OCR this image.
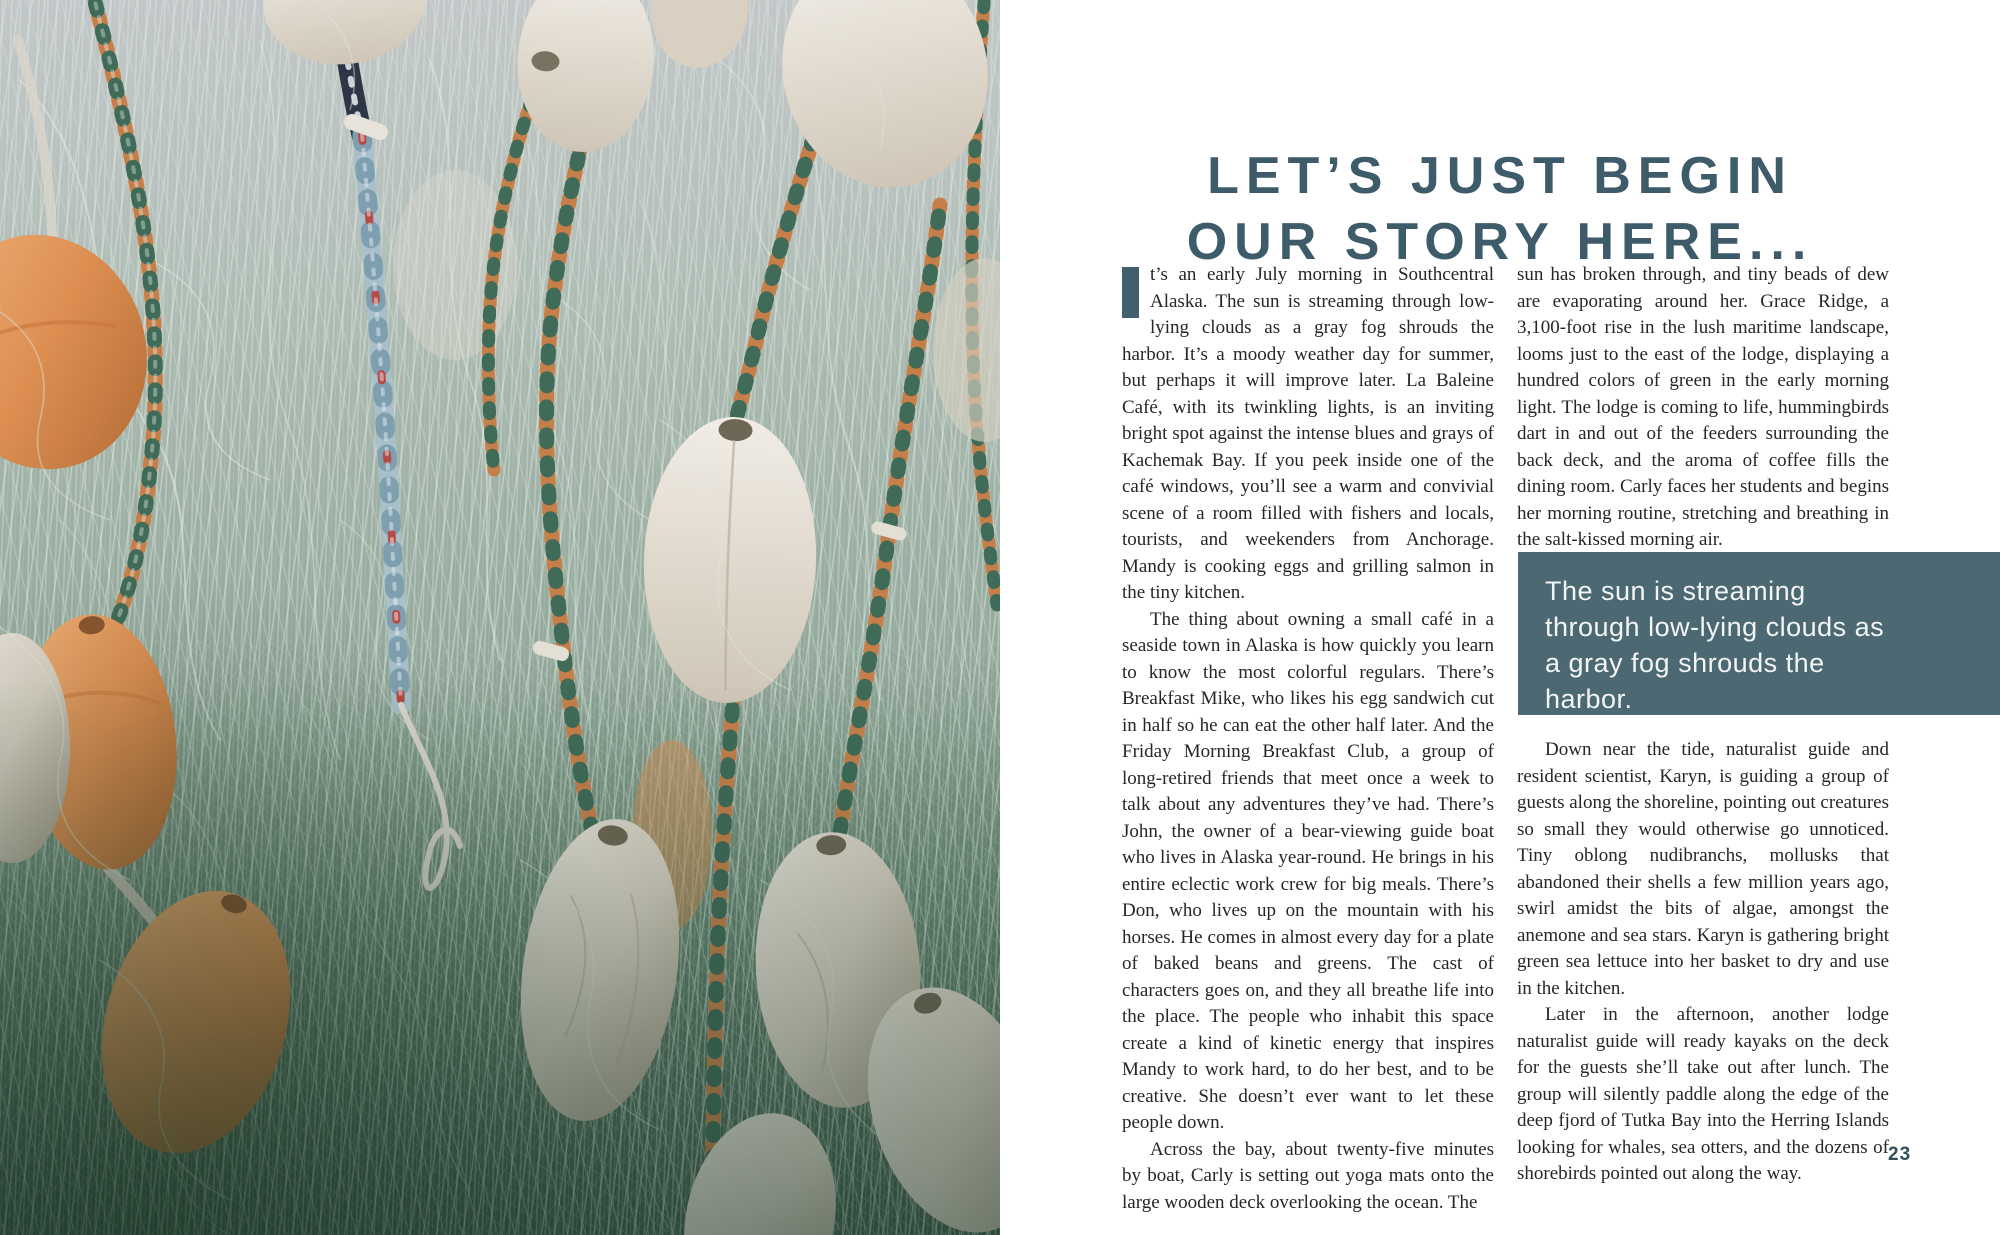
LET’S JUST BEGIN
OUR STORY HERE...

t’s an early July morning in Southcentral Alaska. The sun is streaming through low-lying clouds as a gray fog shrouds the harbor. It’s a moody weather day for summer, but perhaps it will improve later. La Baleine Café, with its twinkling lights, is an inviting bright spot against the intense blues and grays of Kachemak Bay. If you peek inside one of the café windows, you’ll see a warm and convivial scene of a room filled with fishers and locals, tourists, and weekenders from Anchorage. Mandy is cooking eggs and grilling salmon in the tiny kitchen.

The thing about owning a small café in a seaside town in Alaska is how quickly you learn to know the most colorful regulars. There’s Breakfast Mike, who likes his egg sandwich cut in half so he can eat the other half later. And the Friday Morning Breakfast Club, a group of long-retired friends that meet once a week to talk about any adventures they’ve had. There’s John, the owner of a bear-viewing guide boat who lives in Alaska year-round. He brings in his entire eclectic work crew for big meals. There’s Don, who lives up on the mountain with his horses. He comes in almost every day for a plate of baked beans and greens. The cast of characters goes on, and they all breathe life into the place. The people who inhabit this space create a kind of kinetic energy that inspires Mandy to work hard, to do her best, and to be creative. She doesn’t ever want to let these people down.

Across the bay, about twenty-five minutes by boat, Carly is setting out yoga mats onto the large wooden deck overlooking the ocean. The

sun has broken through, and tiny beads of dew are evaporating around her. Grace Ridge, a 3,100-foot rise in the lush maritime landscape, looms just to the east of the lodge, displaying a hundred colors of green in the early morning light. The lodge is coming to life, hummingbirds dart in and out of the feeders surrounding the back deck, and the aroma of coffee fills the dining room. Carly faces her students and begins her morning routine, stretching and breathing in the salt-kissed morning air.

The sun is streaming through low-lying clouds as a gray fog shrouds the harbor.

Down near the tide, naturalist guide and resident scientist, Karyn, is guiding a group of guests along the shoreline, pointing out creatures so small they would otherwise go unnoticed. Tiny oblong nudibranchs, mollusks that abandoned their shells a few million years ago, swirl amidst the bits of algae, amongst the anemone and sea stars. Karyn is gathering bright green sea lettuce into her basket to dry and use in the kitchen.

Later in the afternoon, another lodge naturalist guide will ready kayaks on the deck for the guests she’ll take out after lunch. The group will silently paddle along the edge of the deep fjord of Tutka Bay into the Herring Islands looking for whales, sea otters, and the dozens of shorebirds pointed out along the way.

23
